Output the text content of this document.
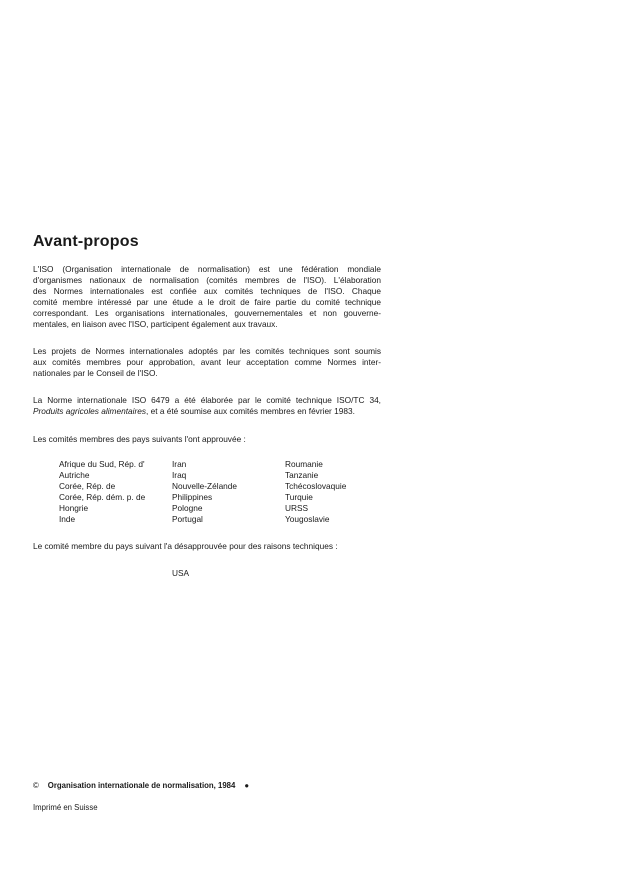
Avant-propos
L'ISO (Organisation internationale de normalisation) est une fédération mondiale
d'organismes nationaux de normalisation (comités membres de l'ISO). L'élaboration
des Normes internationales est confiée aux comités techniques de l'ISO. Chaque
comité membre intéressé par une étude a le droit de faire partie du comité technique
correspondant. Les organisations internationales, gouvernementales et non gouverne-
mentales, en liaison avec l'ISO, participent également aux travaux.
Les projets de Normes internationales adoptés par les comités techniques sont soumis
aux comités membres pour approbation, avant leur acceptation comme Normes inter-
nationales par le Conseil de l'ISO.
La Norme internationale ISO 6479 a été élaborée par le comité technique ISO/TC 34,
Produits agricoles alimentaires, et a été soumise aux comités membres en février 1983.
Les comités membres des pays suivants l'ont approuvée :
Afrique du Sud, Rép. d'
Autriche
Corée, Rép. de
Corée, Rép. dém. p. de
Hongrie
Inde
Iran
Iraq
Nouvelle-Zélande
Philippines
Pologne
Portugal
Roumanie
Tanzanie
Tchécoslovaquie
Turquie
URSS
Yougoslavie
Le comité membre du pays suivant l'a désapprouvée pour des raisons techniques :
USA
© Organisation internationale de normalisation, 1984 ●
Imprimé en Suisse
